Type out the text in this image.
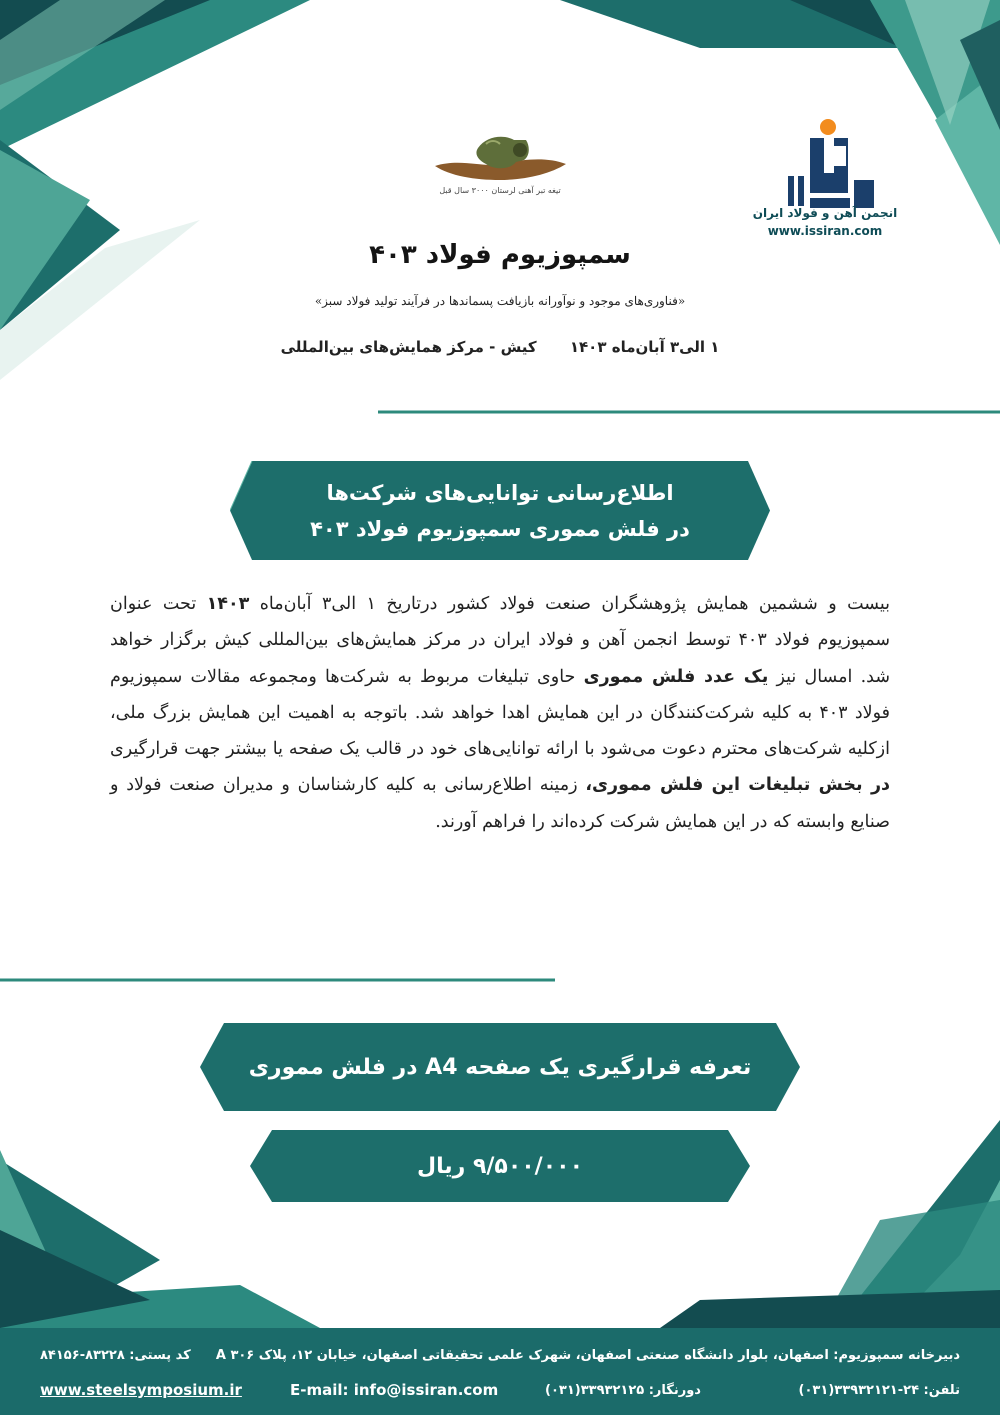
تیغه تبر آهنی لرستان ۳۰۰۰ سال قبل
انجمن آهن و فولاد ایران
www.issiran.com
سمپوزیوم فولاد ۴۰۳
«فناوری‌های موجود و نوآورانه بازیافت پسماندها در فرآیند تولید فولاد سبز»
۱ الی۳ آبان‌ماه ۱۴۰۳ کیش - مرکز همایش‌های بین‌المللی
اطلاع‌رسانی توانایی‌های شرکت‌ها
در فلش مموری سمپوزیوم فولاد ۴۰۳
بیست و ششمین همایش پژوهشگران صنعت فولاد کشور درتاریخ ۱ الی۳ آبان‌ماه ۱۴۰۳ تحت عنوان سمپوزیوم فولاد ۴۰۳ توسط انجمن آهن و فولاد ایران در مرکز همایش‌های بین‌المللی کیش برگزار خواهد شد. امسال نیز یک عدد فلش مموری حاوی تبلیغات مربوط به شرکت‌ها ومجموعه مقالات سمپوزیوم فولاد ۴۰۳ به کلیه شرکت‌کنندگان در این همایش اهدا خواهد شد. باتوجه به اهمیت این همایش بزرگ ملی، ازکلیه شرکت‌های محترم دعوت می‌شود با ارائه توانایی‌های خود در قالب یک صفحه یا بیشتر جهت قرارگیری در بخش تبلیغات این فلش مموری، زمینه اطلاع‌رسانی به کلیه کارشناسان و مدیران صنعت فولاد و صنایع وابسته که در این همایش شرکت کرده‌اند را فراهم آورند.
تعرفه قرارگیری یک صفحه A4 در فلش مموری
۹/۵۰۰/۰۰۰ ریال
دبیرخانه سمپوزیوم: اصفهان، بلوار دانشگاه صنعتی اصفهان، شهرک علمی تحقیقاتی اصفهان، خیابان ۱۲، پلاک ۳۰۶ A
کد پستی: ۸۳۲۲۸-۸۴۱۵۶
تلفن: ۲۴-۳۳۹۳۲۱۲۱(۰۳۱)
دورنگار: ۳۳۹۳۲۱۲۵(۰۳۱)
E-mail: info@issiran.com
www.steelsymposium.ir
